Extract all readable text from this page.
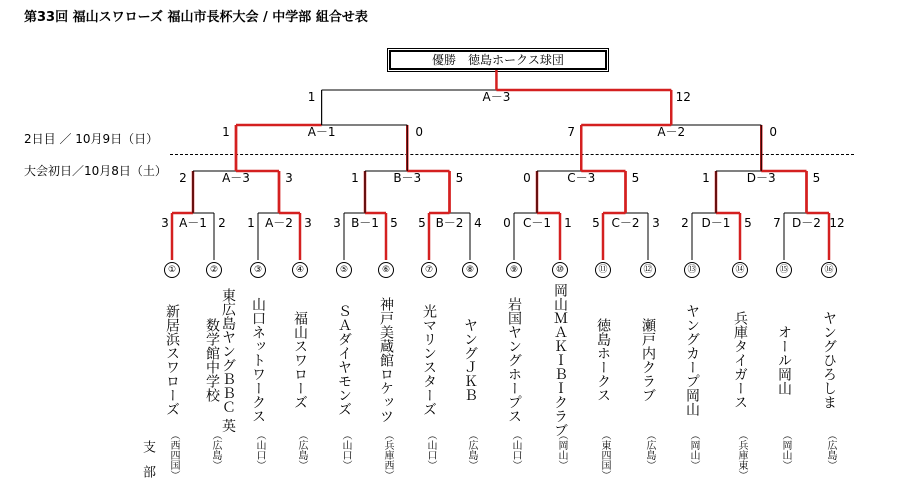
第33回 福山スワローズ 福山市長杯大会 / 中学部 組合せ表
優勝　徳島ホークス球団
2日目 ／ 10月9日（日）
大会初日／10月8日（土）
支部
A－1
3	2	A－2
1	3	B－1
3	5	B－2
5	4	C－1
0	1	C－2
5	3	D－1
2	5	D－2
7	12
A－3
2	3	B－3
1	5	C－3
0	5	D－3
1	5
A－1
1	0	A－2
7	0
A－3
1	12
①
新居浜スワローズ
（西四国）
②
東広島ヤングＢＢＣ 英数学館中学校
（広島）
③
山口ネットワークス
（山口）
④
福山スワローズ
（広島）
⑤
ＳＡダイヤモンズ
（山口）
⑥
神戸美蔵館ロケッツ
（兵庫西）
⑦
光マリンスターズ
（山口）
⑧
ヤングＪＫＢ
（広島）
⑨
岩国ヤングホープス
（山口）
⑩
岡山ＭＡＫＩＢＩクラブ
（岡山）
⑪
徳島ホークス
（東四国）
⑫
瀬戸内クラブ
（広島）
⑬
ヤングカープ岡山
（岡山）
⑭
兵庫タイガース
（兵庫東）
⑮
オール岡山
（岡山）
⑯
ヤングひろしま
（広島）
